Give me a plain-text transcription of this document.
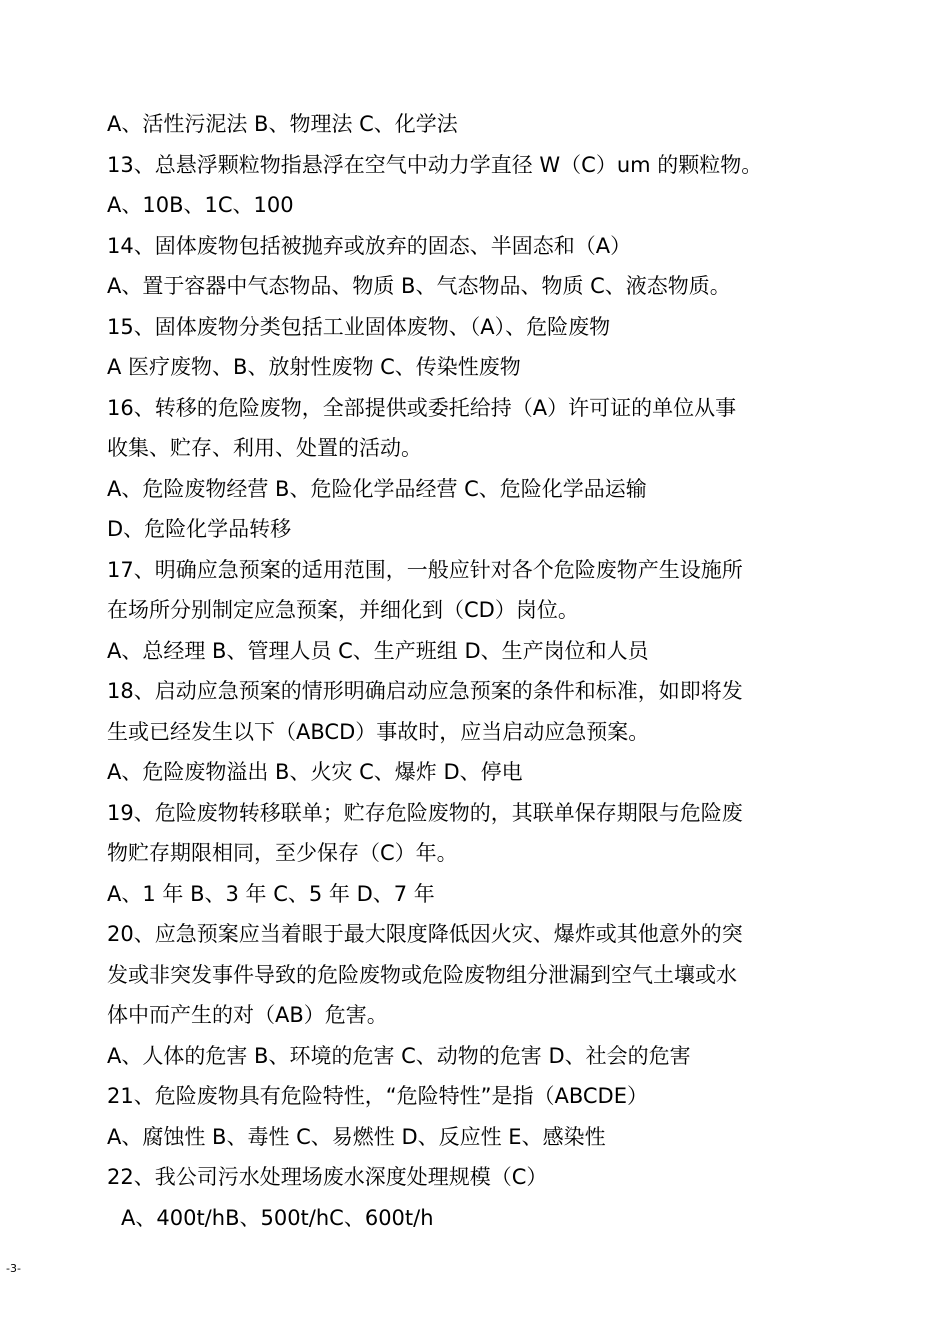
A、活性污泥法 B、物理法 C、化学法
13、总悬浮颗粒物指悬浮在空气中动力学直径 W（C）um 的颗粒物。
A、10B、1C、100
14、固体废物包括被抛弃或放弃的固态、半固态和（A）
A、置于容器中气态物品、物质 B、气态物品、物质 C、液态物质。
15、固体废物分类包括工业固体废物、（A）、危险废物
A 医疗废物、B、放射性废物 C、传染性废物
16、转移的危险废物，全部提供或委托给持（A）许可证的单位从事
收集、贮存、利用、处置的活动。
A、危险废物经营 B、危险化学品经营 C、危险化学品运输
D、危险化学品转移
17、明确应急预案的适用范围，一般应针对各个危险废物产生设施所
在场所分别制定应急预案，并细化到（CD）岗位。
A、总经理 B、管理人员 C、生产班组 D、生产岗位和人员
18、启动应急预案的情形明确启动应急预案的条件和标准，如即将发
生或已经发生以下（ABCD）事故时，应当启动应急预案。
A、危险废物溢出 B、火灾 C、爆炸 D、停电
19、危险废物转移联单；贮存危险废物的，其联单保存期限与危险废
物贮存期限相同，至少保存（C）年。
A、1 年 B、3 年 C、5 年 D、7 年
20、应急预案应当着眼于最大限度降低因火灾、爆炸或其他意外的突
发或非突发事件导致的危险废物或危险废物组分泄漏到空气土壤或水
体中而产生的对（AB）危害。
A、人体的危害 B、环境的危害 C、动物的危害 D、社会的危害
21、危险废物具有危险特性，“危险特性”是指（ABCDE）
A、腐蚀性 B、毒性 C、易燃性 D、反应性 E、感染性
22、我公司污水处理场废水深度处理规模（C）
A、400t/hB、500t/hC、600t/h
-3-
